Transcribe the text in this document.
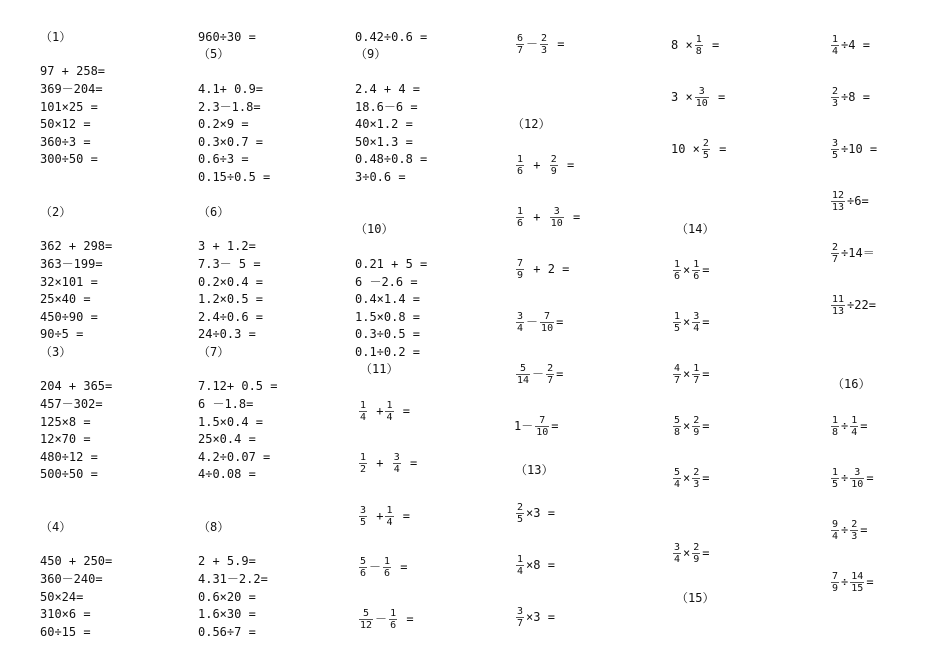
（1）
97 + 258=
369－204=
101×25 =
50×12 =
360÷3 =
300÷50 =
（2）
362 + 298=
363－199=
32×101 =
25×40 =
450÷90 =
90÷5 =
（3）
204 + 365=
457－302=
125×8 =
12×70 =
480÷12 =
500÷50 =
（4）
450 + 250=
360－240=
50×24=
310×6 =
60÷15 =
960÷30 =
（5）
4.1+ 0.9=
2.3－1.8=
0.2×9 =
0.3×0.7 =
0.6÷3 =
0.15÷0.5 =
（6）
3 + 1.2=
7.3－ 5 =
0.2×0.4 =
1.2×0.5 =
2.4÷0.6 =
24÷0.3 =
（7）
7.12+ 0.5 =
6 －1.8=
1.5×0.4 =
25×0.4 =
4.2÷0.07 =
4÷0.08 =
（8）
2 + 5.9=
4.31－2.2=
0.6×20 =
1.6×30 =
0.56÷7 =
0.42÷0.6 =
（9）
2.4 + 4 =
18.6－6 =
40×1.2 =
50×1.3 =
0.48÷0.8 =
3÷0.6 =
（10）
0.21 + 5 =
6 －2.6 =
0.4×1.4 =
1.5×0.8 =
0.3÷0.5 =
0.1÷0.2 =
（11）
（12）
（13）
（14）
（15）
（16）
$\frac{1}{4} + \frac{1}{4}$ =
$\frac{1}{2} + \frac{3}{4}$ =
$\frac{3}{5} + \frac{1}{4}$ =
$\frac{5}{6} - \frac{1}{6}$ =
$\frac{5}{12} - \frac{1}{6}$ =
$\frac{6}{7} - \frac{2}{3}$ =
$\frac{1}{6} + \frac{2}{9}$ =
$\frac{1}{6} + \frac{3}{10}$ =
$\frac{7}{9} + 2$ =
$\frac{3}{4} - \frac{7}{10}$ =
$\frac{5}{14} - \frac{2}{7}$ =
$1- \frac{7}{10}$ =
$\frac{2}{5} \times 3$ =
$\frac{1}{4} \times 8$ =
$\frac{3}{7} \times 3$ =
$8 \times \frac{1}{8}$ =
$3 \times \frac{3}{10}$ =
$10 \times \frac{2}{5}$ =
$\frac{1}{6} \times \frac{1}{6}$ =
$\frac{1}{5} \times \frac{3}{4}$ =
$\frac{4}{7} \times \frac{1}{7}$ =
$\frac{5}{8} \times \frac{2}{9}$ =
$\frac{5}{4} \times \frac{2}{3}$ =
$\frac{3}{4} \times \frac{2}{9}$ =
$\frac{1}{4} \div 4$ =
$\frac{2}{3} \div 8$ =
$\frac{3}{5} \div 10$ =
$\frac{12}{13} \div 6=$
$\frac{2}{7} \div 14=$
$\frac{11}{13} \div 22=$
$\frac{1}{8} \div \frac{1}{4}$ =
$\frac{1}{5} \div \frac{3}{10}$ =
$\frac{9}{4} \div \frac{2}{3}$ =
$\frac{7}{9} \div \frac{14}{15}$ =
